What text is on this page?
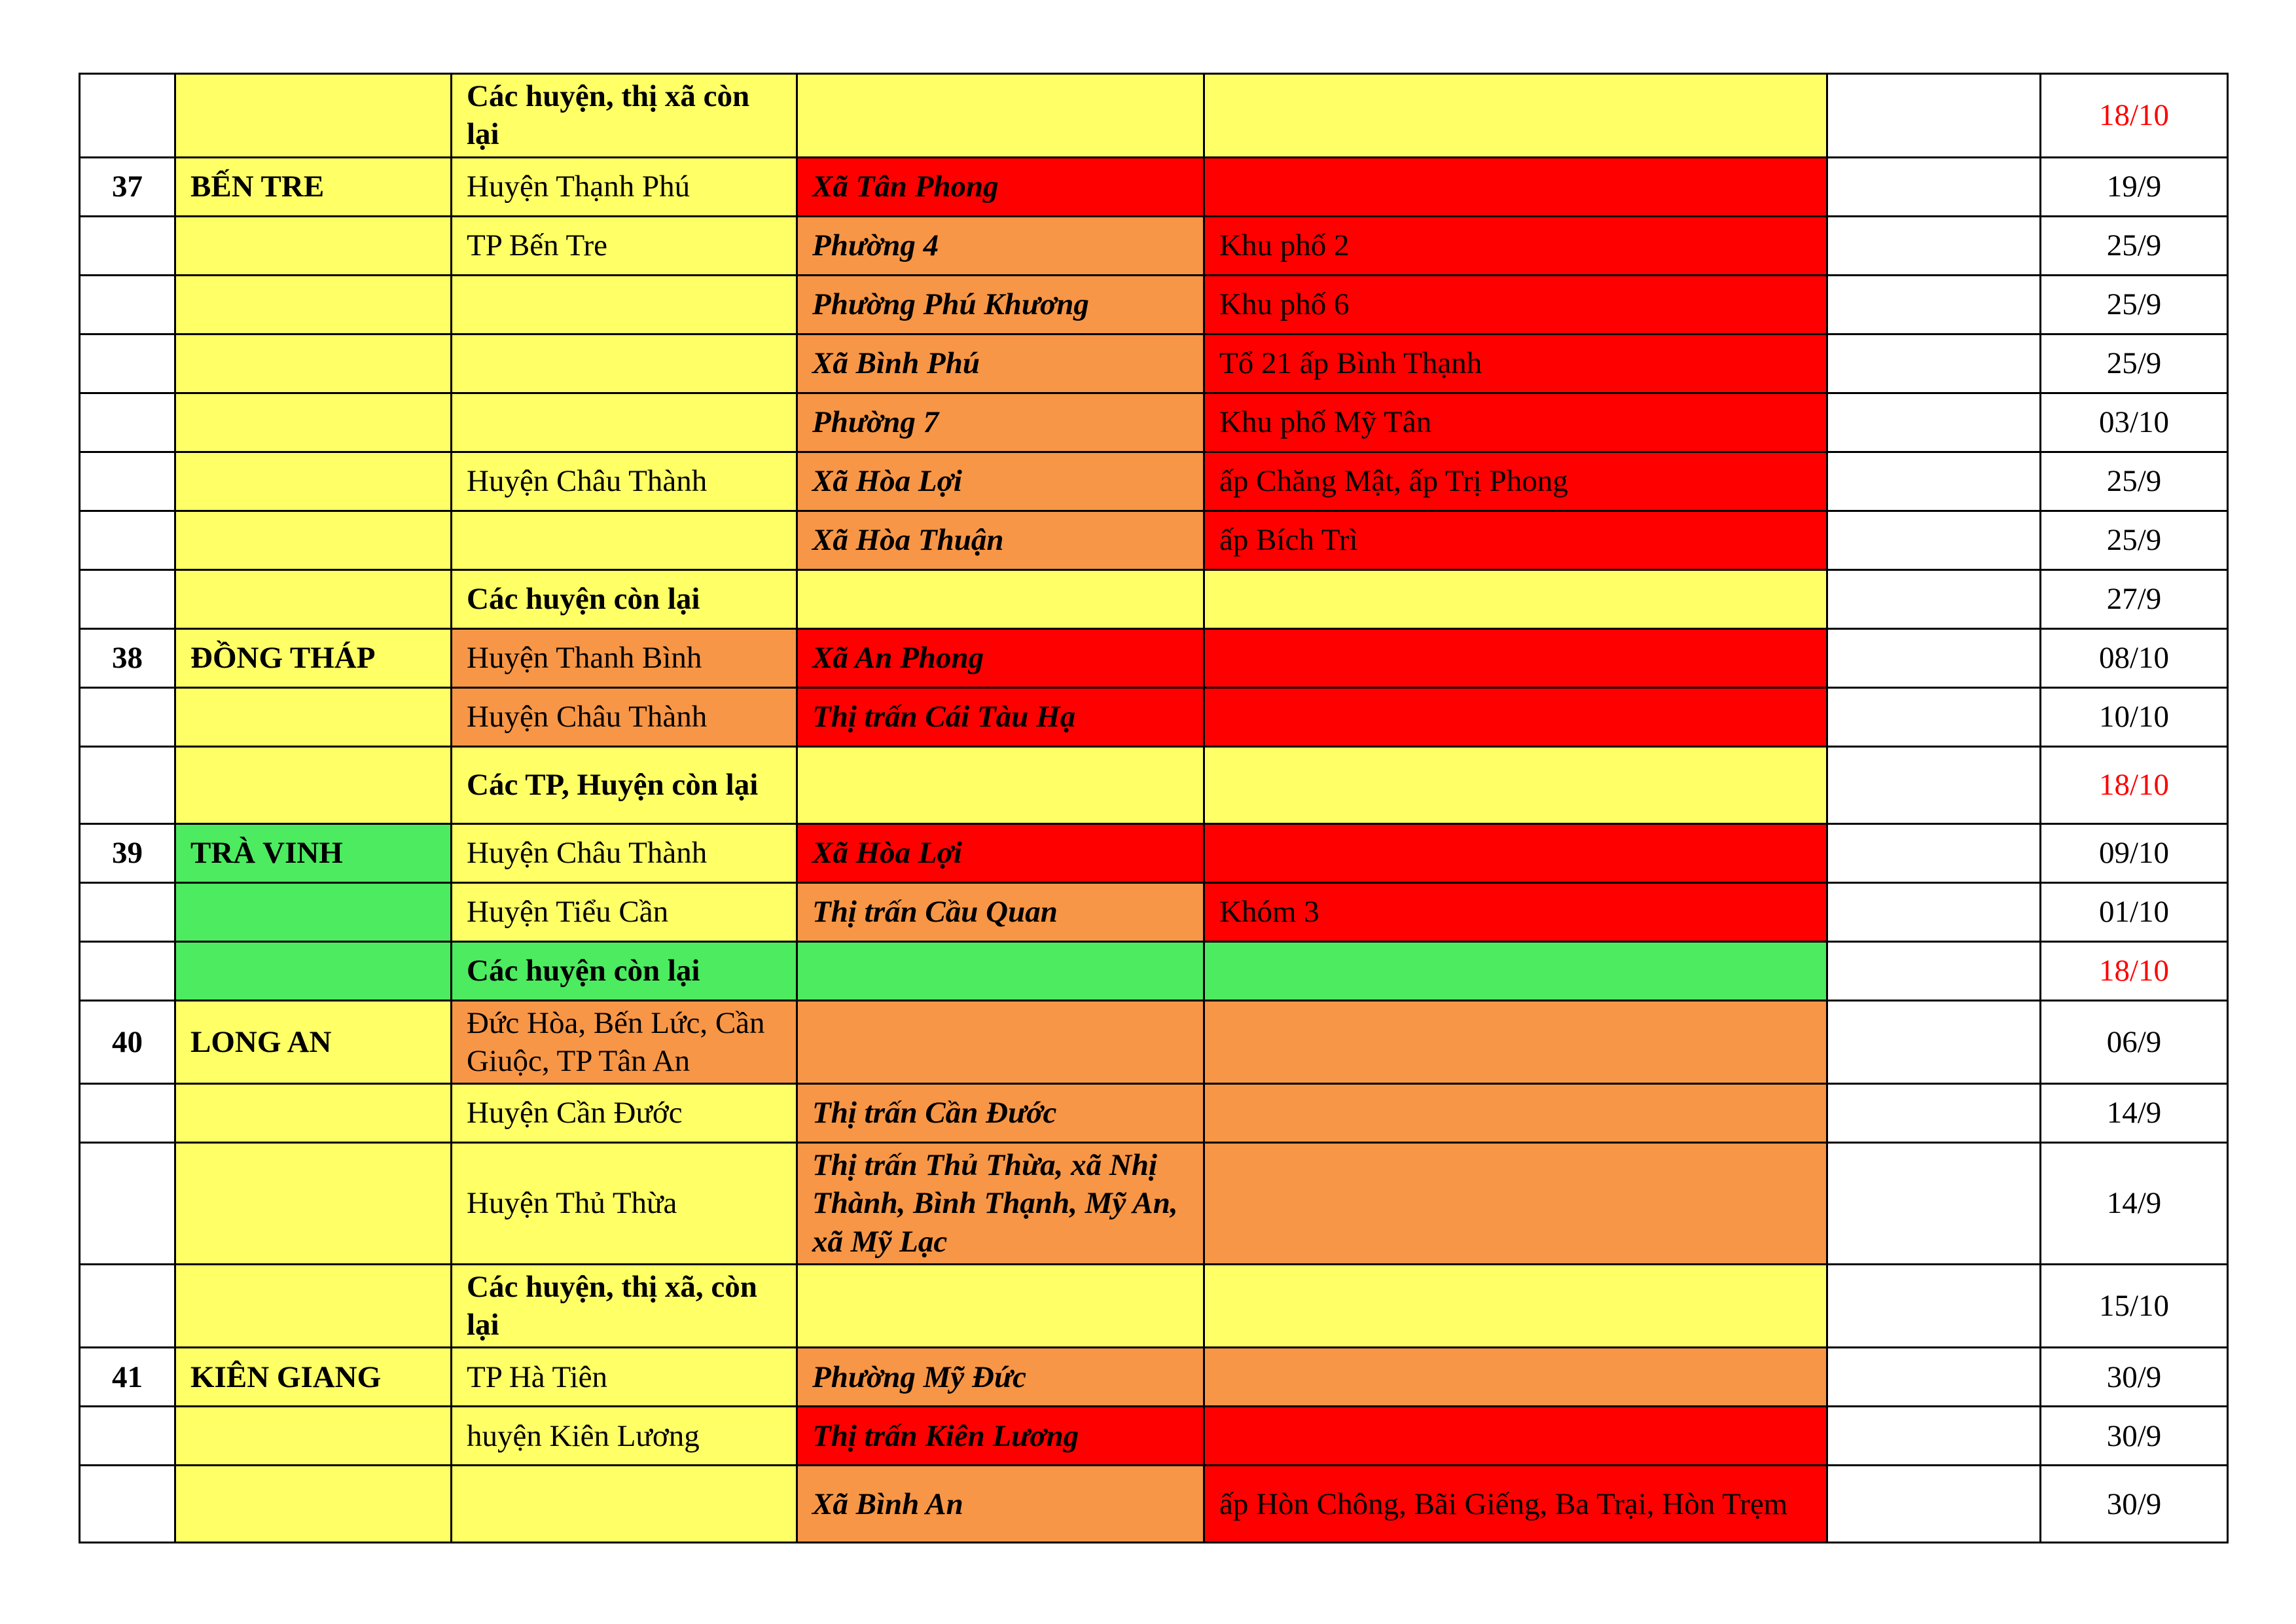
		Các huyện, thị xã còn lại				18/10
37	BẾN TRE	Huyện Thạnh Phú	Xã Tân Phong			19/9
		TP Bến Tre	Phường 4	Khu phố 2		25/9
			Phường Phú Khương	Khu phố 6		25/9
			Xã Bình Phú	Tổ 21 ấp Bình Thạnh		25/9
			Phường 7	Khu phố Mỹ Tân		03/10
		Huyện Châu Thành	Xã Hòa Lợi	ấp Chăng Mật, ấp Trị Phong		25/9
			Xã Hòa Thuận	ấp Bích Trì		25/9
		Các huyện còn lại				27/9
38	ĐỒNG THÁP	Huyện Thanh Bình	Xã An Phong			08/10
		Huyện Châu Thành	Thị trấn Cái Tàu Hạ			10/10
		Các TP, Huyện còn lại				18/10
39	TRÀ VINH	Huyện Châu Thành	Xã Hòa Lợi			09/10
		Huyện Tiểu Cần	Thị trấn Cầu Quan	Khóm 3		01/10
		Các huyện còn lại				18/10
40	LONG AN	Đức Hòa, Bến Lức, Cần Giuộc, TP Tân An				06/9
		Huyện Cần Đước	Thị trấn Cần Đước			14/9
		Huyện Thủ Thừa	Thị trấn Thủ Thừa, xã Nhị Thành, Bình Thạnh, Mỹ An, xã Mỹ Lạc			14/9
		Các huyện, thị xã, còn lại				15/10
41	KIÊN GIANG	TP Hà Tiên	Phường Mỹ Đức			30/9
		huyện Kiên Lương	Thị trấn Kiên Lương			30/9
			Xã Bình An	ấp Hòn Chông, Bãi Giếng, Ba Trại, Hòn Trẹm		30/9
